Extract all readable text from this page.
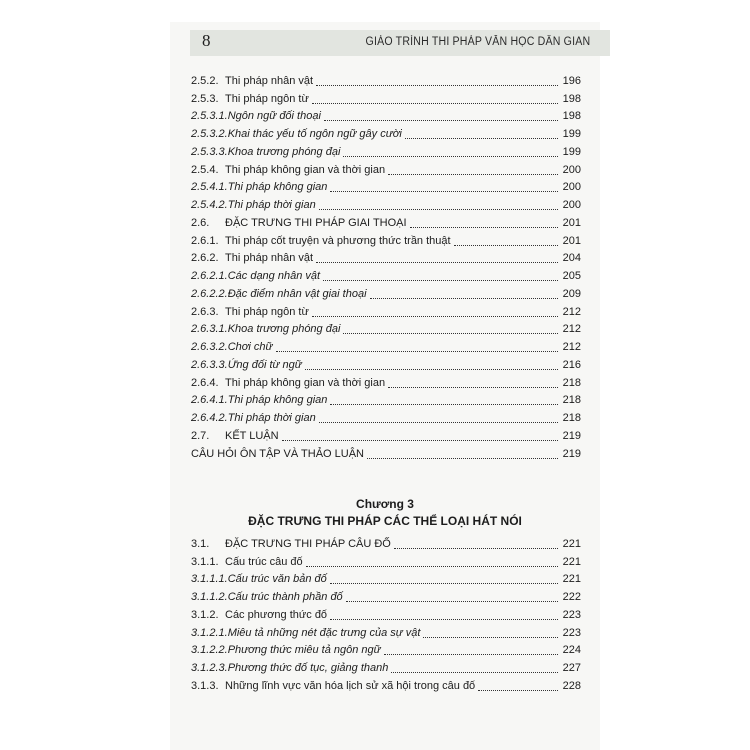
8	GIÁO TRÌNH THI PHÁP VĂN HỌC DÂN GIAN
2.5.2. Thi pháp nhân vật	196
2.5.3. Thi pháp ngôn từ	198
2.5.3.1. Ngôn ngữ đối thoại	198
2.5.3.2. Khai thác yếu tố ngôn ngữ gây cười	199
2.5.3.3. Khoa trương phóng đại	199
2.5.4. Thi pháp không gian và thời gian	200
2.5.4.1. Thi pháp không gian	200
2.5.4.2. Thi pháp thời gian	200
2.6.	ĐẶC TRƯNG THI PHÁP GIAI THOẠI	201
2.6.1. Thi pháp cốt truyện và phương thức trần thuật	201
2.6.2. Thi pháp nhân vật	204
2.6.2.1. Các dạng nhân vật	205
2.6.2.2. Đặc điểm nhân vật giai thoại	209
2.6.3. Thi pháp ngôn từ	212
2.6.3.1. Khoa trương phóng đại	212
2.6.3.2. Chơi chữ	212
2.6.3.3. Ứng đối từ ngữ	216
2.6.4. Thi pháp không gian và thời gian	218
2.6.4.1. Thi pháp không gian	218
2.6.4.2. Thi pháp thời gian	218
2.7.	KẾT LUẬN	219
CÂU HỎI ÔN TẬP VÀ THẢO LUẬN	219
Chương 3
ĐẶC TRƯNG THI PHÁP CÁC THỂ LOẠI HÁT NÓI
3.1.	ĐẶC TRƯNG THI PHÁP CÂU ĐỐ	221
3.1.1. Cấu trúc câu đố	221
3.1.1.1. Cấu trúc văn bản đố	221
3.1.1.2. Cấu trúc thành phần đố	222
3.1.2. Các phương thức đố	223
3.1.2.1. Miêu tả những nét đặc trưng của sự vật	223
3.1.2.2. Phương thức miêu tả ngôn ngữ	224
3.1.2.3. Phương thức đố tục, giảng thanh	227
3.1.3. Những lĩnh vực văn hóa lịch sử xã hội trong câu đố	228
